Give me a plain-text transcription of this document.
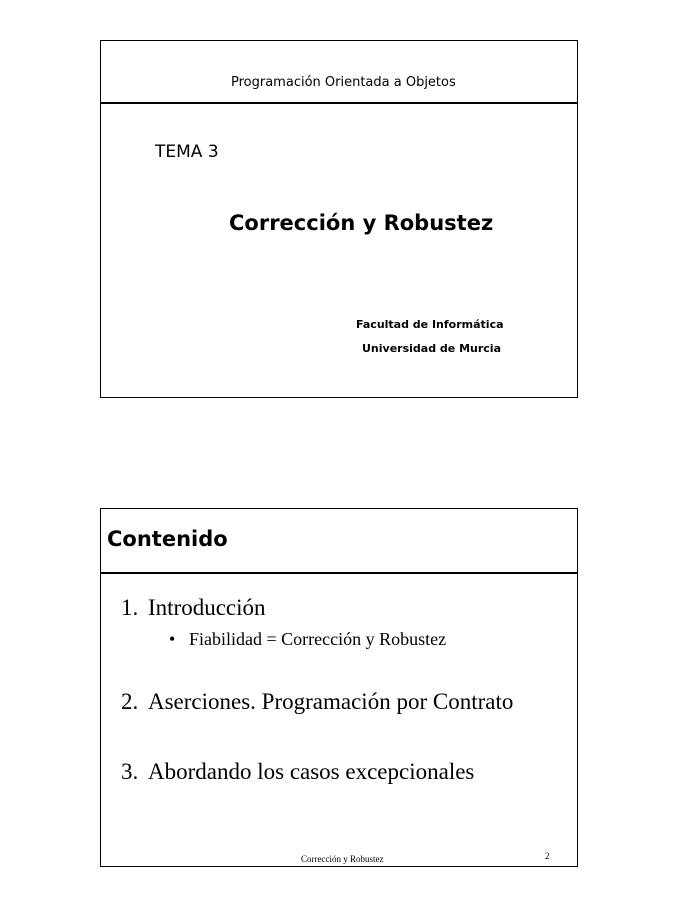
Programación Orientada a Objetos
TEMA 3
Corrección y Robustez
Facultad de Informática
Universidad de Murcia
Contenido
1. Introducción
• Fiabilidad = Corrección y Robustez
2. Aserciones. Programación por Contrato
3. Abordando los casos excepcionales
Corrección y Robustez	2
